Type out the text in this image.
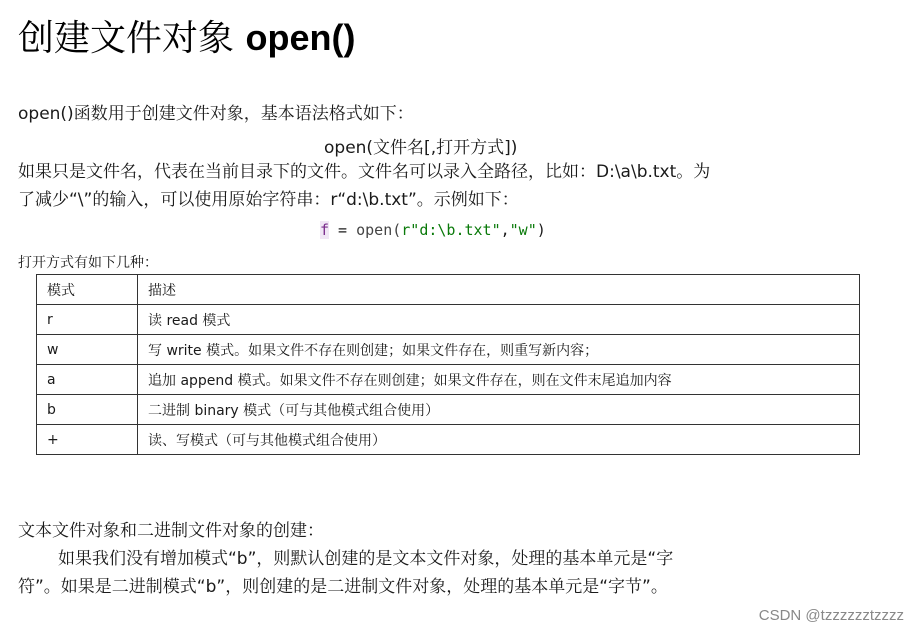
创建文件对象 open()
open()函数用于创建文件对象，基本语法格式如下：
open(文件名[,打开方式])
如果只是文件名，代表在当前目录下的文件。文件名可以录入全路径，比如：D:\a\b.txt。为
了减少“\”的输入，可以使用原始字符串：r“d:\b.txt”。示例如下：
f = open(r"d:\b.txt","w")
打开方式有如下几种：
模式	描述
r	读 read 模式
w	写 write 模式。如果文件不存在则创建；如果文件存在，则重写新内容；
a	追加 append 模式。如果文件不存在则创建；如果文件存在，则在文件末尾追加内容
b	二进制 binary 模式（可与其他模式组合使用）
+	读、写模式（可与其他模式组合使用）
文本文件对象和二进制文件对象的创建：
如果我们没有增加模式“b”，则默认创建的是文本文件对象，处理的基本单元是“字
符”。如果是二进制模式“b”，则创建的是二进制文件对象，处理的基本单元是“字节”。
CSDN @tzzzzzztzzzz
